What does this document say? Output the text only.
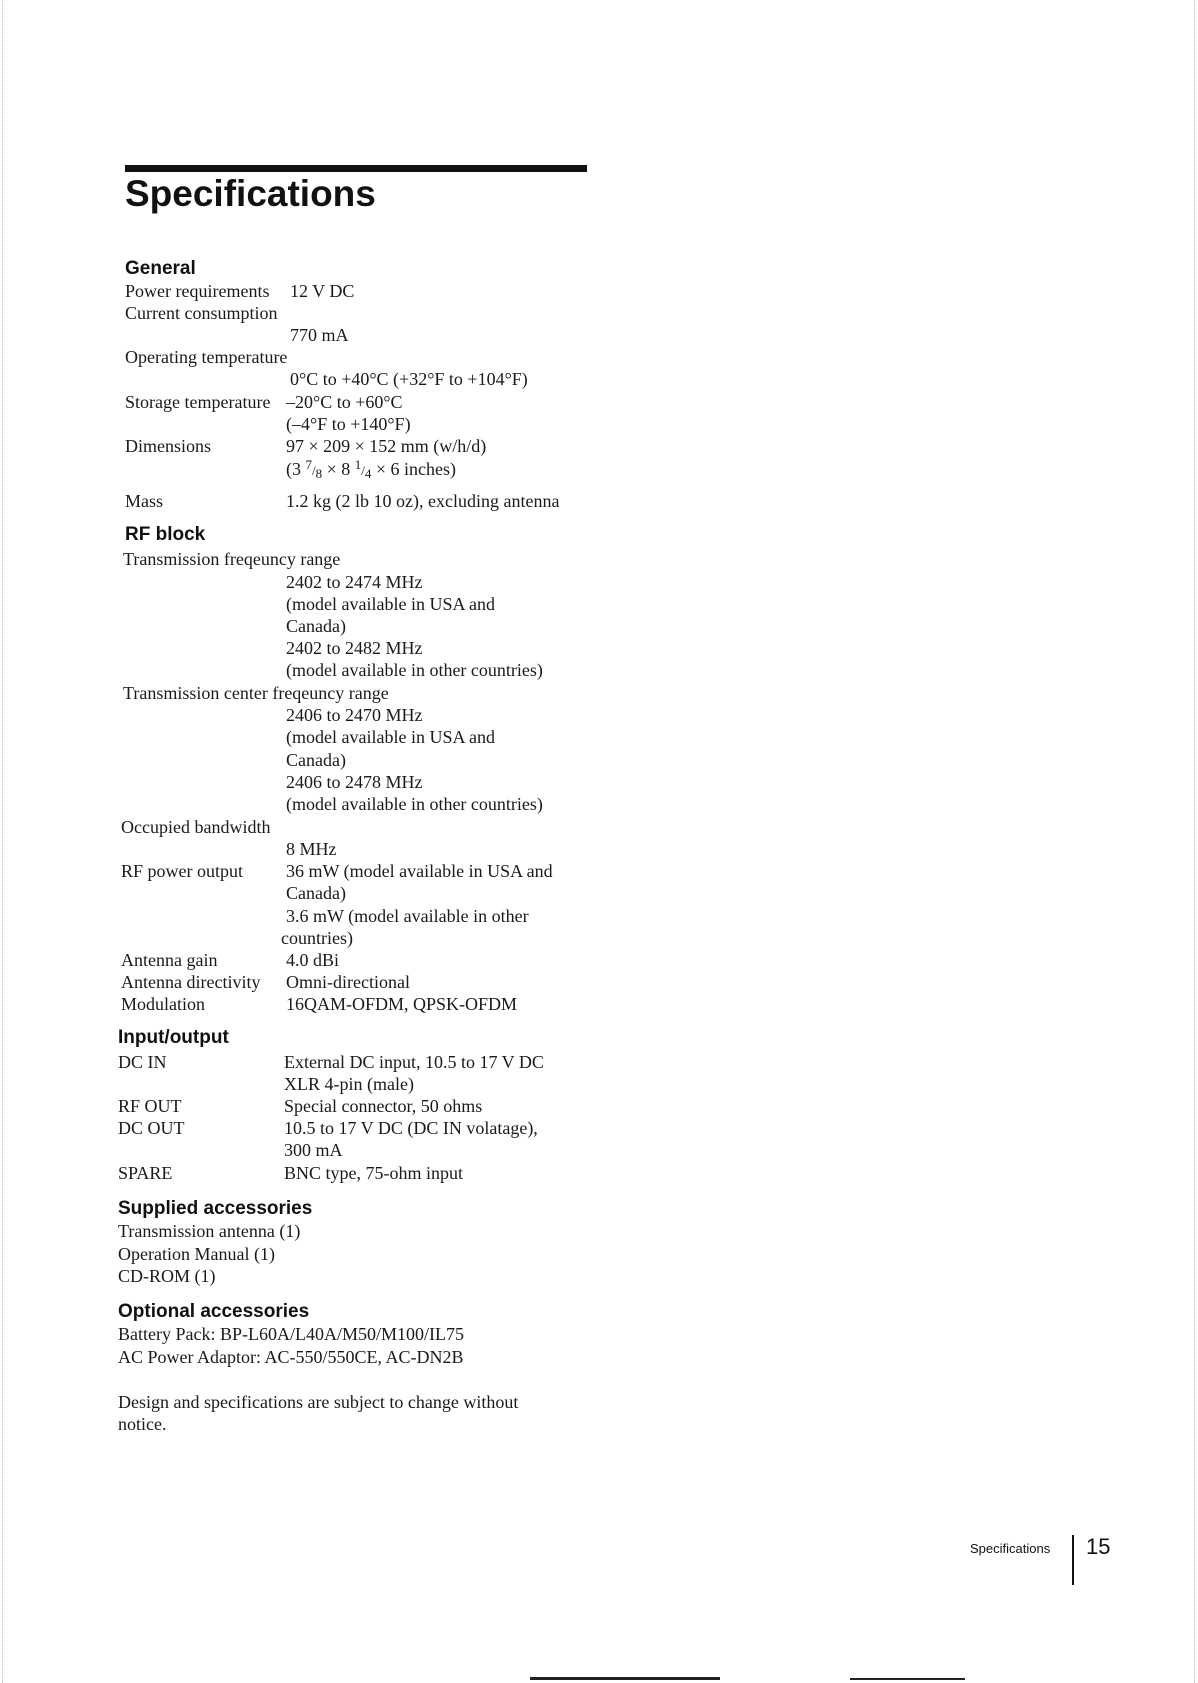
Specifications
General
Power requirements 12 V DC
Current consumption
770 mA
Operating temperature
0°C to +40°C (+32°F to +104°F)
Storage temperature –20°C to +60°C
(–4°F to +140°F)
Dimensions	97 × 209 × 152 mm (w/h/d)
(3 7/8 × 8 1/4 × 6 inches)
Mass	1.2 kg (2 lb 10 oz), excluding antenna
RF block
Transmission freqeuncy range
2402 to 2474 MHz
(model available in USA and
Canada)
2402 to 2482 MHz
(model available in other countries)
Transmission center freqeuncy range
2406 to 2470 MHz
(model available in USA and
Canada)
2406 to 2478 MHz
(model available in other countries)
Occupied bandwidth
8 MHz
RF power output 36 mW (model available in USA and
Canada)
3.6 mW (model available in other
countries)
Antenna gain	4.0 dBi
Antenna directivity Omni-directional
Modulation	16QAM-OFDM, QPSK-OFDM
Input/output
DC IN	External DC input, 10.5 to 17 V DC
XLR 4-pin (male)
RF OUT	Special connector, 50 ohms
DC OUT	10.5 to 17 V DC (DC IN volatage),
300 mA
SPARE	BNC type, 75-ohm input
Supplied accessories
Transmission antenna (1)
Operation Manual (1)
CD-ROM (1)
Optional accessories
Battery Pack: BP-L60A/L40A/M50/M100/IL75
AC Power Adaptor: AC-550/550CE, AC-DN2B
Design and specifications are subject to change without
notice.
Specifications 15
